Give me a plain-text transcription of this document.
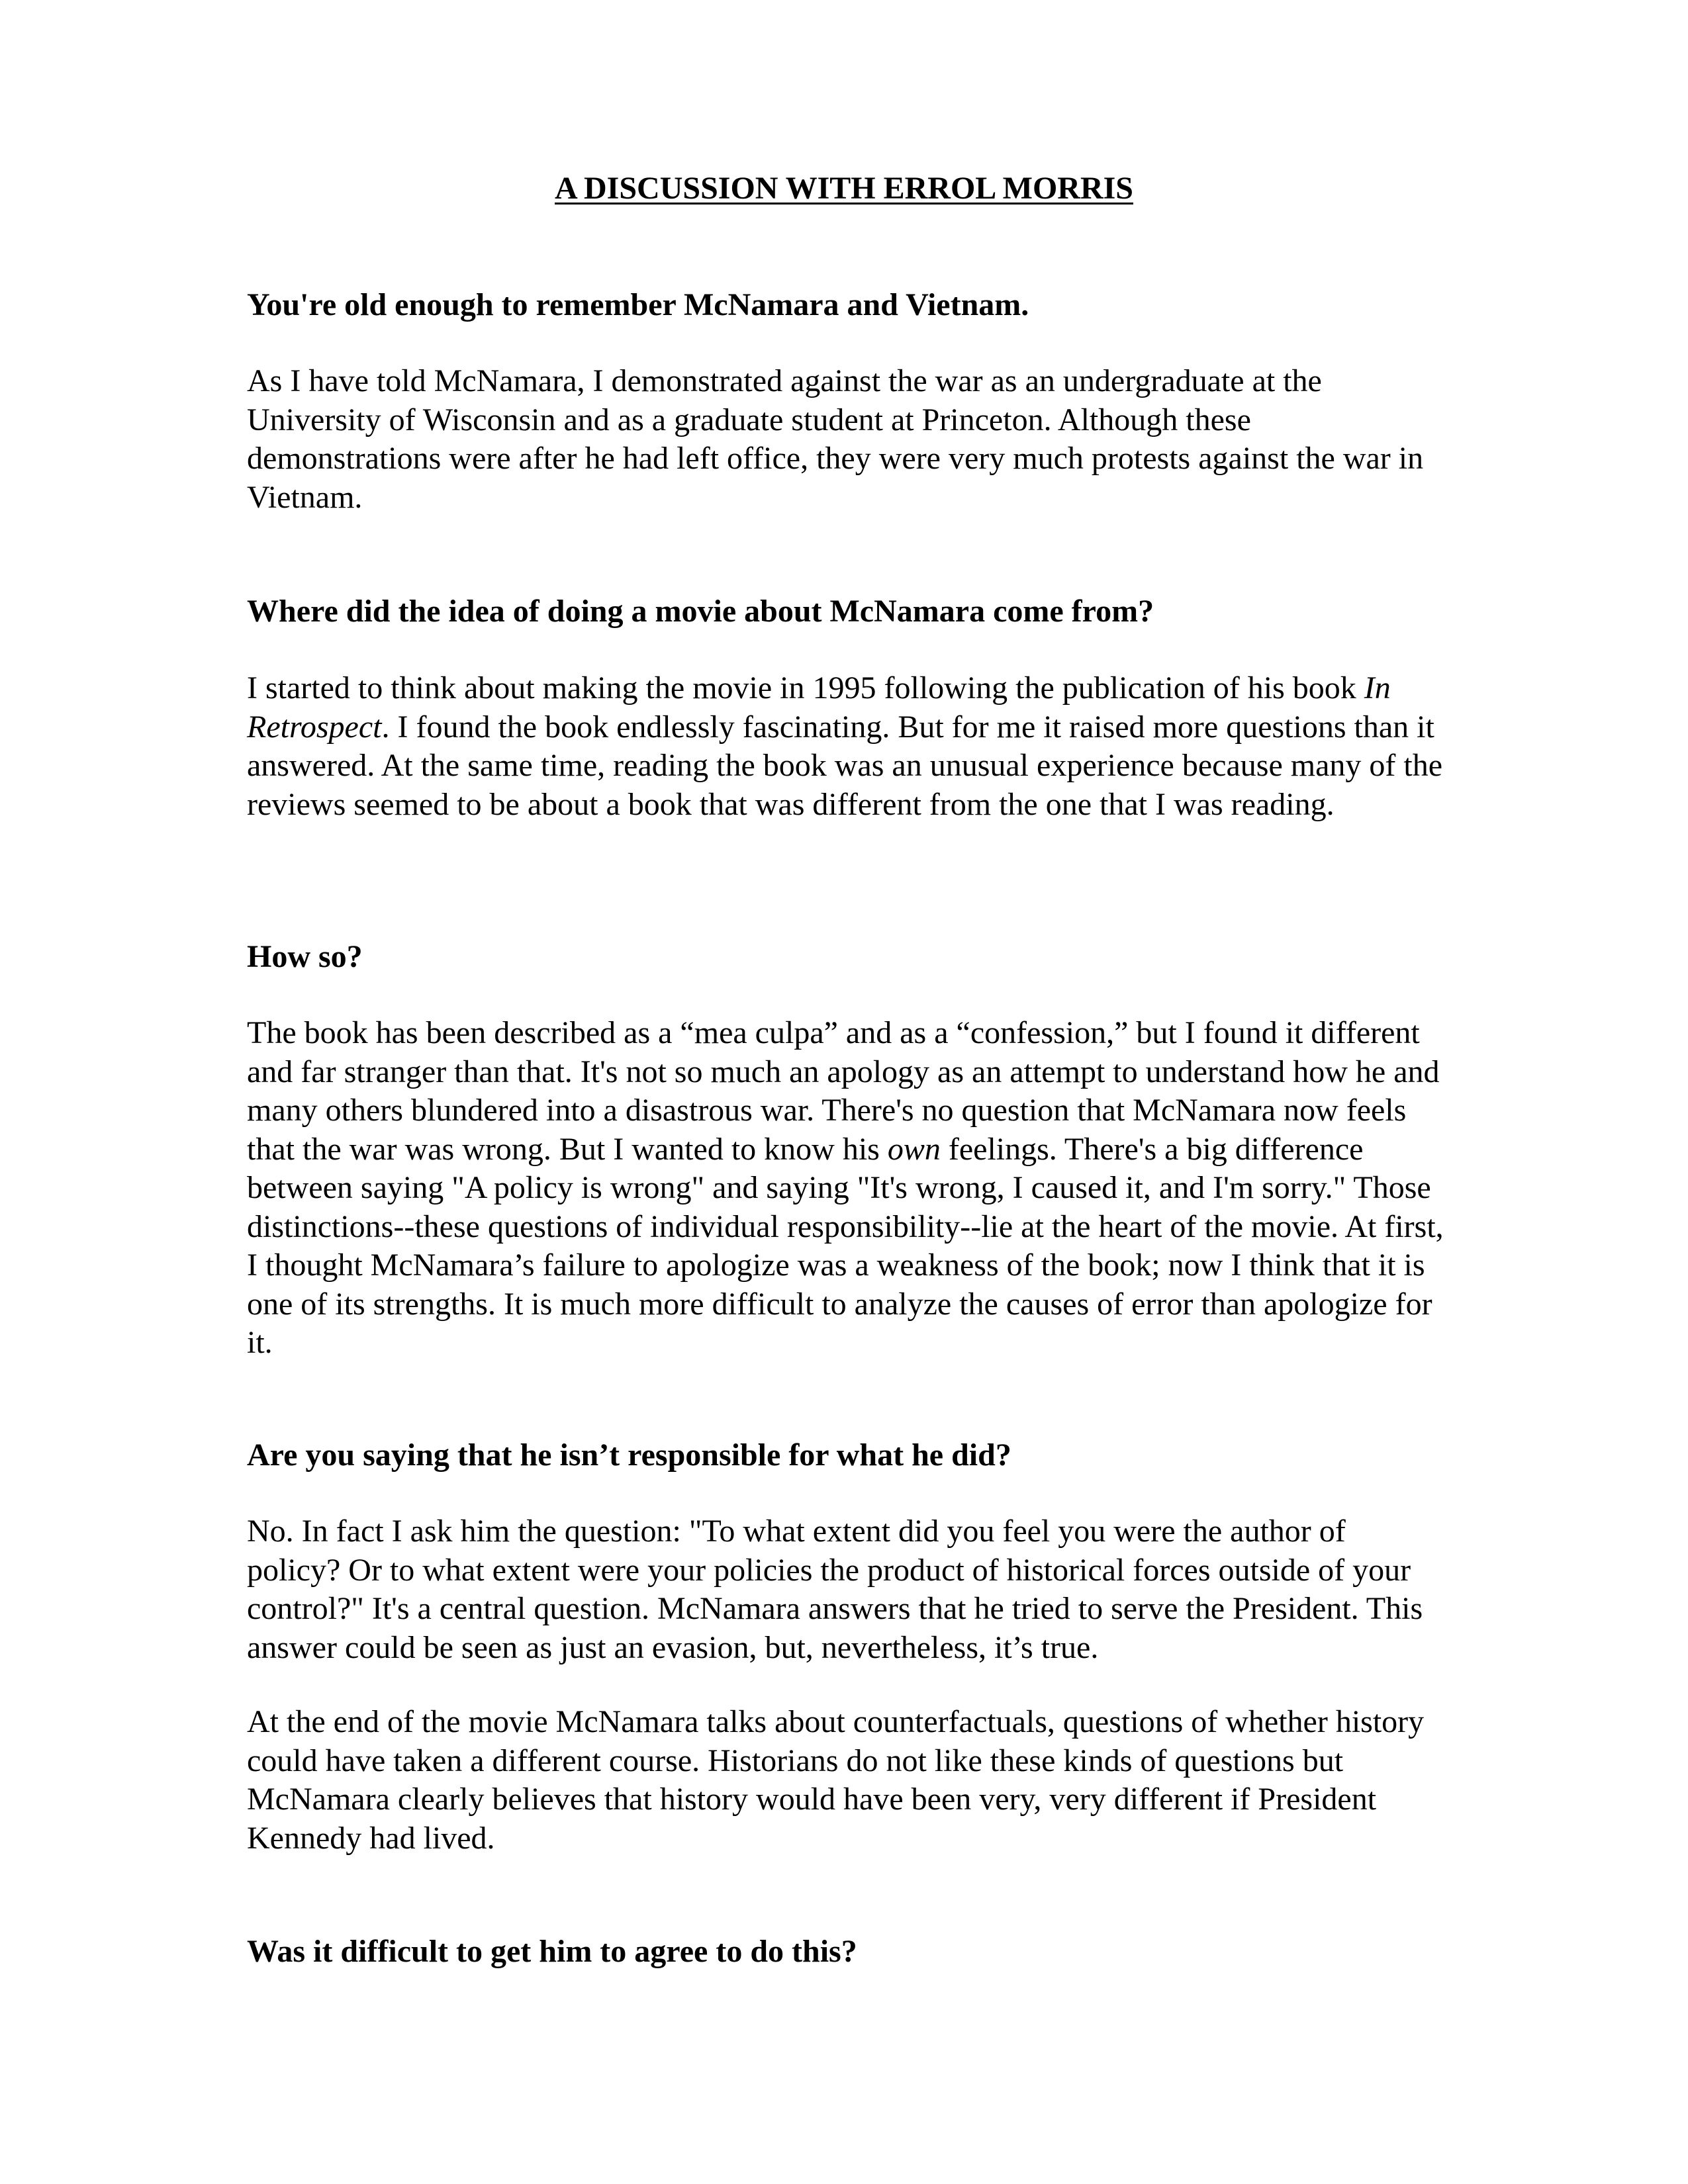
A DISCUSSION WITH ERROL MORRIS

You're old enough to remember McNamara and Vietnam.

As I have told McNamara, I demonstrated against the war as an undergraduate at the University of Wisconsin and as a graduate student at Princeton. Although these demonstrations were after he had left office, they were very much protests against the war in Vietnam.

Where did the idea of doing a movie about McNamara come from?

I started to think about making the movie in 1995 following the publication of his book In Retrospect. I found the book endlessly fascinating. But for me it raised more questions than it answered. At the same time, reading the book was an unusual experience because many of the reviews seemed to be about a book that was different from the one that I was reading.

How so?

The book has been described as a “mea culpa” and as a “confession,” but I found it different and far stranger than that. It's not so much an apology as an attempt to understand how he and many others blundered into a disastrous war. There's no question that McNamara now feels that the war was wrong. But I wanted to know his own feelings. There's a big difference between saying "A policy is wrong" and saying "It's wrong, I caused it, and I'm sorry." Those distinctions--these questions of individual responsibility--lie at the heart of the movie. At first, I thought McNamara’s failure to apologize was a weakness of the book; now I think that it is one of its strengths. It is much more difficult to analyze the causes of error than apologize for it.

Are you saying that he isn’t responsible for what he did?

No. In fact I ask him the question: "To what extent did you feel you were the author of policy? Or to what extent were your policies the product of historical forces outside of your control?" It's a central question. McNamara answers that he tried to serve the President. This answer could be seen as just an evasion, but, nevertheless, it’s true.

At the end of the movie McNamara talks about counterfactuals, questions of whether history could have taken a different course. Historians do not like these kinds of questions but McNamara clearly believes that history would have been very, very different if President Kennedy had lived.

Was it difficult to get him to agree to do this?
